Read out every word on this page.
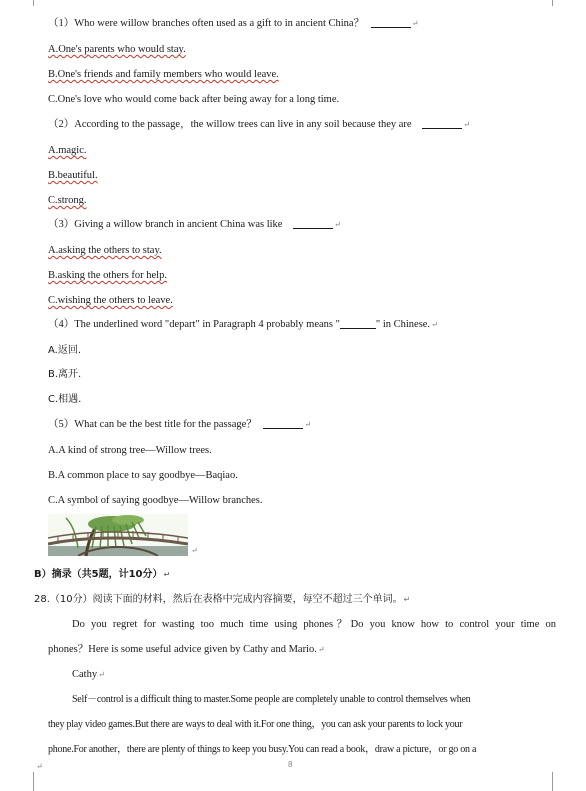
（1）Who were willow branches often used as a gift to in ancient China？	↵
A.One's parents who would stay.
B.One's friends and family members who would leave.
C.One's love who would come back after being away for a long time.
（2）According to the passage，the willow trees can live in any soil because they are	↵
A.magic.
B.beautiful.
C.strong.
（3）Giving a willow branch in ancient China was like	↵
A.asking the others to stay.
B.asking the others for help.
C.wishing the others to leave.
（4）The underlined word "depart" in Paragraph 4 probably means "	" in Chinese.↵
A.返回.
B.离开.
C.相遇.
（5）What can be the best title for the passage？	↵
A.A kind of strong tree—Willow trees.
B.A common place to say goodbye—Baqiao.
C.A symbol of saying goodbye—Willow branches.
↵
B）摘录（共5题，计10分）↵
28.（10分）阅读下面的材料，然后在表格中完成内容摘要，每空不超过三个单词。↵
Do you regret for wasting too much time using phones？Do you know how to control your time on
phones？Here is some useful advice given by Cathy and Mario.↵
Cathy↵
Self－control is a difficult thing to master.Some people are completely unable to control themselves when
they play video games.But there are ways to deal with it.For one thing，you can ask your parents to lock your
phone.For another，there are plenty of things to keep you busy.You can read a book，draw a picture，or go on a
↵	8
